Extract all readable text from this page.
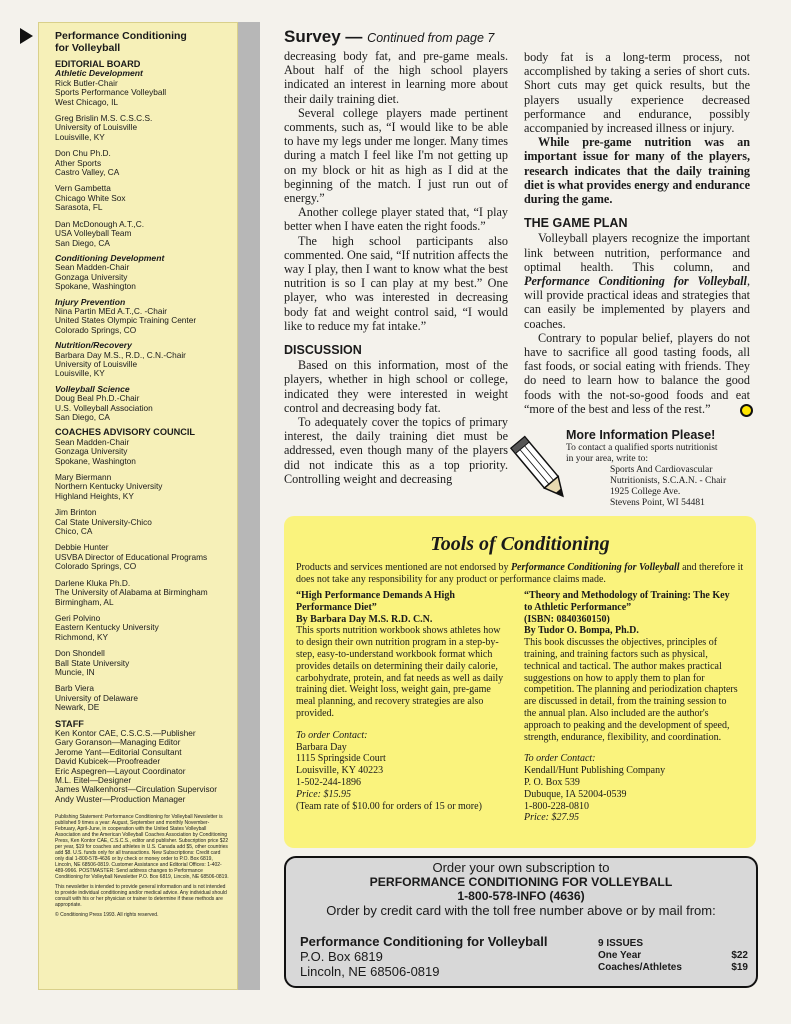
Performance Conditioning
for Volleyball
EDITORIAL BOARD
Athletic Development
Rick Butler-Chair
Sports Performance Volleyball
West Chicago, IL
Greg Brislin M.S. C.S.C.S.
University of Louisville
Louisville, KY
Don Chu Ph.D.
Ather Sports
Castro Valley, CA
Vern Gambetta
Chicago White Sox
Sarasota, FL
Dan McDonough A.T.,C.
USA Volleyball Team
San Diego, CA
Conditioning Development
Sean Madden-Chair
Gonzaga University
Spokane, Washington
Injury Prevention
Nina Partin MEd A.T.,C. -Chair
United States Olympic Training Center
Colorado Springs, CO
Nutrition/Recovery
Barbara Day M.S., R.D., C.N.-Chair
University of Louisville
Louisville, KY
Volleyball Science
Doug Beal Ph.D.-Chair
U.S. Volleyball Association
San Diego, CA
COACHES ADVISORY COUNCIL
Sean Madden-Chair
Gonzaga University
Spokane, Washington
Mary Biermann
Northern Kentucky University
Highland Heights, KY
Jim Brinton
Cal State University-Chico
Chico, CA
Debbie Hunter
USVBA Director of Educational Programs
Colorado Springs, CO
Darlene Kluka Ph.D.
The University of Alabama at Birmingham
Birmingham, AL
Geri Polvino
Eastern Kentucky University
Richmond, KY
Don Shondell
Ball State University
Muncie, IN
Barb Viera
University of Delaware
Newark, DE
STAFF
Ken Kontor CAE, C.S.C.S.—Publisher
Gary Goranson—Managing Editor
Jerome Yant—Editorial Consultant
David Kubicek—Proofreader
Eric Aspegren—Layout Coordinator
M.L. Eitel—Designer
James Walkenhorst—Circulation Supervisor
Andy Wuster—Production Manager

Publishing Statement: Performance Conditioning for Volleyball Newsletter is published 9 times a year: August, September and monthly November-February, April-June, in cooperation with the United States Volleyball Association and the American Volleyball Coaches Association by Conditioning Press, Ken Kontor CAE, C.S.C.S., editor and publisher. Subscription price $22 per year, $19 for coaches and athletes in U.S. Canada add $5, other countries add $8. U.S. funds only for all transactions. New Subscriptions: Credit card only dial 1-800-578-4636 or by check or money order to P.O. Box 6819, Lincoln, NE 68506-0819. Customer Assistance and Editorial Offices: 1-402-489-9966. POSTMASTER: Send address changes to Performance Conditioning for Volleyball Newsletter P.O. Box 6819, Lincoln, NE 68506-0819.

This newsletter is intended to provide general information and is not intended to provide individual conditioning and/or medical advice. Any individual should consult with his or her physician or trainer to determine if these methods are appropriate.

© Conditioning Press 1993. All rights reserved.

Survey — Continued from page 7

decreasing body fat, and pre-game meals. About half of the high school players indicated an interest in learning more about their daily training diet.

Several college players made pertinent comments, such as, “I would like to be able to have my legs under me longer. Many times during a match I feel like I'm not getting up on my block or hit as high as I did at the beginning of the match. I just run out of energy.”

Another college player stated that, “I play better when I have eaten the right foods.”

The high school participants also commented. One said, “If nutrition affects the way I play, then I want to know what the best nutrition is so I can play at my best.” One player, who was interested in decreasing body fat and weight control said, “I would like to reduce my fat intake.”

DISCUSSION

Based on this information, most of the players, whether in high school or college, indicated they were interested in weight control and decreasing body fat.

To adequately cover the topics of primary interest, the daily training diet must be addressed, even though many of the players did not indicate this as a top priority. Controlling weight and decreasing

body fat is a long-term process, not accomplished by taking a series of short cuts. Short cuts may get quick results, but the players usually experience decreased performance and endurance, possibly accompanied by increased illness or injury.

While pre-game nutrition was an important issue for many of the players, research indicates that the daily training diet is what provides energy and endurance during the game.

THE GAME PLAN

Volleyball players recognize the important link between nutrition, performance and optimal health. This column, and Performance Conditioning for Volleyball, will provide practical ideas and strategies that can easily be implemented by players and coaches.

Contrary to popular belief, players do not have to sacrifice all good tasting foods, all fast foods, or social eating with friends. They do need to learn how to balance the good foods with the not-so-good foods and eat “more of the best and less of the rest.”

More Information Please!
To contact a qualified sports nutritionist
in your area, write to:
Sports And Cardiovascular
Nutritionists, S.C.A.N. - Chair
1925 College Ave.
Stevens Point, WI 54481
Tools of Conditioning
Products and services mentioned are not endorsed by Performance Conditioning for Volleyball and therefore it does not take any responsibility for any product or performance claims made.
“High Performance Demands A High Performance Diet”
By Barbara Day M.S. R.D. C.N.
This sports nutrition workbook shows athletes how to design their own nutrition program in a step-by-step, easy-to-understand workbook format which provides details on determining their daily calorie, carbohydrate, protein, and fat needs as well as daily training diet. Weight loss, weight gain, pre-game meal planning, and recovery strategies are also provided.
To order Contact:
Barbara Day
1115 Springside Court
Louisville, KY 40223
1-502-244-1896
Price: $15.95
(Team rate of $10.00 for orders of 15 or more)
“Theory and Methodology of Training: The Key to Athletic Performance”
(ISBN: 0840360150)
By Tudor O. Bompa, Ph.D.
This book discusses the objectives, principles of training, and training factors such as physical, technical and tactical. The author makes practical suggestions on how to apply them to plan for competition. The planning and periodization chapters are discussed in detail, from the training session to the annual plan. Also included are the author's approach to peaking and the development of speed, strength, endurance, flexibility, and coordination.
To order Contact:
Kendall/Hunt Publishing Company
P. O. Box 539
Dubuque, IA 52004-0539
1-800-228-0810
Price: $27.95
Order your own subscription to
PERFORMANCE CONDITIONING FOR VOLLEYBALL
1-800-578-INFO (4636)
Order by credit card with the toll free number above or by mail from:
Performance Conditioning for Volleyball
P.O. Box 6819
Lincoln, NE 68506-0819
9 ISSUES
One Year	$22
Coaches/Athletes	$19
